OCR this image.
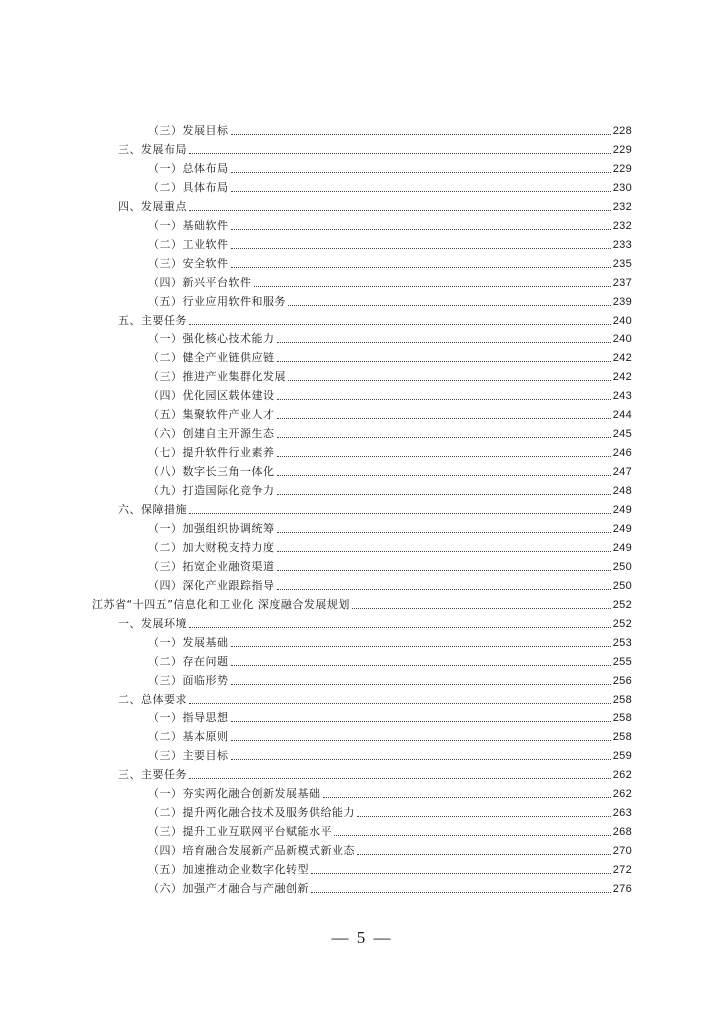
（三）发展目标	228
三、发展布局	229
（一）总体布局	229
（二）具体布局	230
四、发展重点	232
（一）基础软件	232
（二）工业软件	233
（三）安全软件	235
（四）新兴平台软件	237
（五）行业应用软件和服务	239
五、主要任务	240
（一）强化核心技术能力	240
（二）健全产业链供应链	242
（三）推进产业集群化发展	242
（四）优化园区载体建设	243
（五）集聚软件产业人才	244
（六）创建自主开源生态	245
（七）提升软件行业素养	246
（八）数字长三角一体化	247
（九）打造国际化竞争力	248
六、保障措施	249
（一）加强组织协调统筹	249
（二）加大财税支持力度	249
（三）拓宽企业融资渠道	250
（四）深化产业跟踪指导	250
江苏省“十四五”信息化和工业化 深度融合发展规划	252
一、发展环境	252
（一）发展基础	253
（二）存在问题	255
（三）面临形势	256
二、总体要求	258
（一）指导思想	258
（二）基本原则	258
（三）主要目标	259
三、主要任务	262
（一）夯实两化融合创新发展基础	262
（二）提升两化融合技术及服务供给能力	263
（三）提升工业互联网平台赋能水平	268
（四）培育融合发展新产品新模式新业态	270
（五）加速推动企业数字化转型	272
（六）加强产才融合与产融创新	276
— 5 —
